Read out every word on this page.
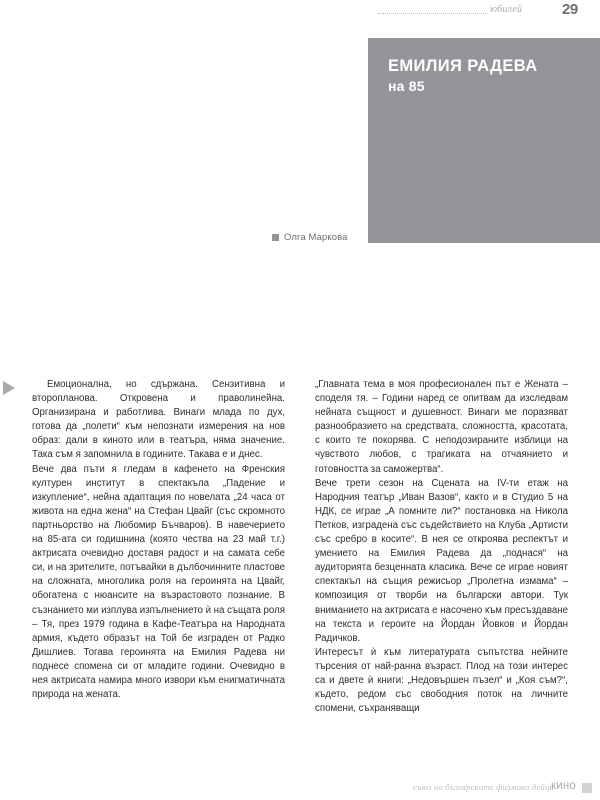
юбилей	29
ЕМИЛИЯ РАДЕВА
на 85
Олга Маркова

Емоционална, но сдържана. Сензитивна и второпланова. Откровена и праволинейна. Организирана и работлива. Винаги млада по дух, готова да „полети“ към непознати измерения на нов образ: дали в киното или в театъра, няма значение. Така съм я запомнила в годините. Такава е и днес.

Вече два пъти я гледам в кафенето на Френския културен институт в спектакъла „Падение и изкупление“, нейна адаптация по новелата „24 часа от живота на една жена“ на Стефан Цвайг (със скромното партньорство на Любомир Бъчваров). В навечерието на 85-ата си годишнина (която чества на 23 май т.г.) актрисата очевидно доставя радост и на самата себе си, и на зрителите, потъвайки в дълбочинните пластове на сложната, многолика роля на героинята на Цвайг, обогатена с нюансите на възрастовото познание. В съзнанието ми изплува изпълнението ѝ на същата роля – Тя, през 1979 година в Кафе-Театъра на Народната армия, където образът на Той бе изграден от Радко Дишлиев. Тогава героинята на Емилия Радева ни поднесе спомена си от младите години. Очевидно в нея актрисата намира много извори към енигматичната природа на жената.

„Главната тема в моя професионален път е Жената – споделя тя. – Години наред се опитвам да изследвам нейната същност и душевност. Винаги ме поразяват разнообразието на средствата, сложността, красотата, с които те покорява. С неподозираните изблици на чувството любов, с трагиката на отчаянието и готовността за саможертва“.

Вече трети сезон на Сцената на IV-ти етаж на Народния театър „Иван Вазов“, както и в Студио 5 на НДК, се играе „А помните ли?“ постановка на Никола Петков, изградена със съдействието на Клуба „Артисти със сребро в косите“. В нея се откроява респектът и умението на Емилия Радева да „поднася“ на аудиторията безценната класика. Вече се играе новият спектакъл на същия режисьор „Пролетна измама“ – композиция от творби на български автори. Тук вниманието на актрисата е насочено към пресъздаване на текста и героите на Йордан Йовков и Йордан Радичков.

Интересът ѝ към литературата съпътства нейните търсения от най-ранна възраст. Плод на този интерес са и двете ѝ книги: „Недовършен пъзел“ и „Коя съм?“, където, редом със свободния поток на личните спомени, съхраняващи

съюз на българските филмови дейци
кино
